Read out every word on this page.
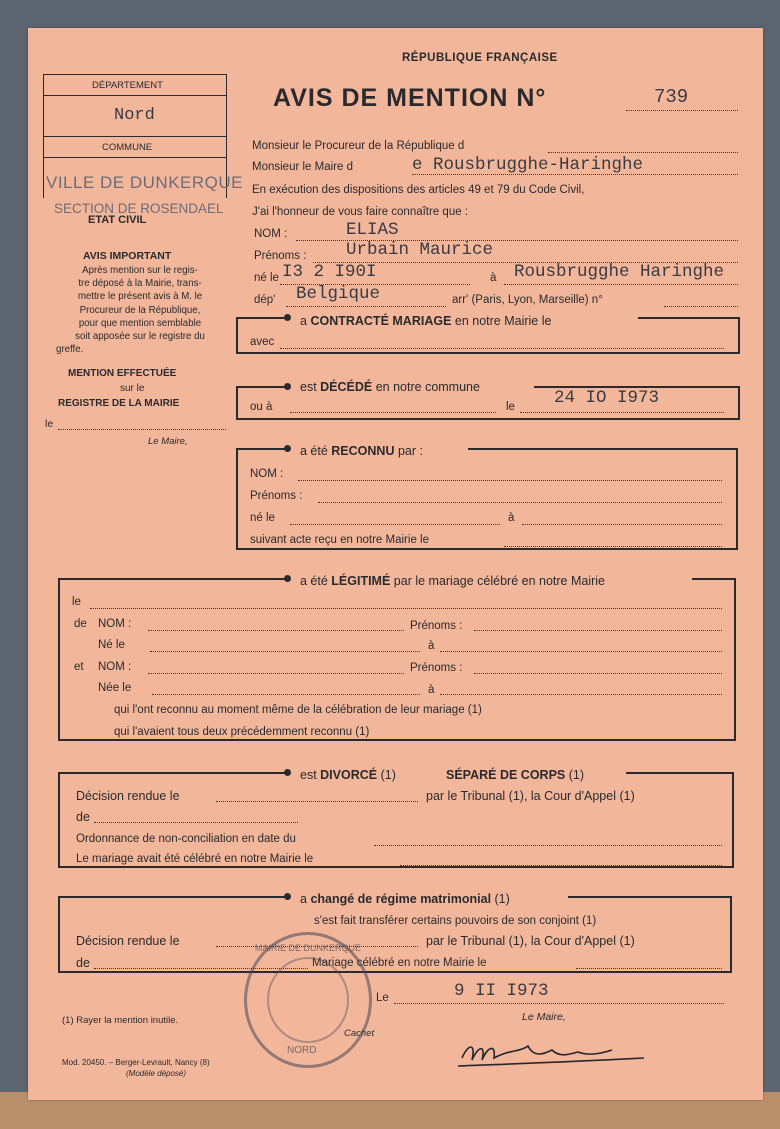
RÉPUBLIQUE FRANÇAISE
AVIS DE MENTION N°	739
DÉPARTEMENT
Nord
COMMUNE
VILLE DE DUNKERQUE
SECTION DE ROSENDAEL
ETAT CIVIL
AVIS IMPORTANT
Après mention sur le regis-
tre déposé à la Mairie, trans-
mettre le présent avis à M. le
Procureur de la République,
pour que mention semblable
soit apposée sur le registre du
greffe.
MENTION EFFECTUÉE
sur le
REGISTRE DE LA MAIRIE
le
Le Maire,
Monsieur le Procureur de la République d
Monsieur le Maire d	e Rousbrugghe-Haringhe
En exécution des dispositions des articles 49 et 79 du Code Civil,
J'ai l'honneur de vous faire connaître que :
NOM :	ELIAS
Prénoms : Urbain Maurice
né le I3 2 I90I	à Rousbrugghe Haringhe
dép' Belgique	arr' (Paris, Lyon, Marseille) n°
a CONTRACTÉ MARIAGE en notre Mairie le
avec
est DÉCÉDÉ en notre commune
ou à	le 24 IO I973
a été RECONNU par :
NOM :
Prénoms :
né le	à
suivant acte reçu en notre Mairie le
a été LÉGITIMÉ par le mariage célébré en notre Mairie
le
de NOM :	Prénoms :
Né le	à
et NOM :	Prénoms :
Née le	à
qui l'ont reconnu au moment même de la célébration de leur mariage (1)
qui l'avaient tous deux précédemment reconnu (1)
est DIVORCÉ (1)	SÉPARÉ DE CORPS (1)
Décision rendue le	par le Tribunal (1), la Cour d'Appel (1)
de
Ordonnance de non-conciliation en date du
Le mariage avait été célébré en notre Mairie le
a changé de régime matrimonial (1)
s'est fait transférer certains pouvoirs de son conjoint (1)
Décision rendue le	par le Tribunal (1), la Cour d'Appel (1)
de	Mariage célébré en notre Mairie le
Le	9 II I973
Le Maire,
Cachet
(1) Rayer la mention inutile.
Mod. 20450. – Berger-Levrault, Nancy (8)
(Modèle déposé)
MAIRIE DE DUNKERQUE
NORD
